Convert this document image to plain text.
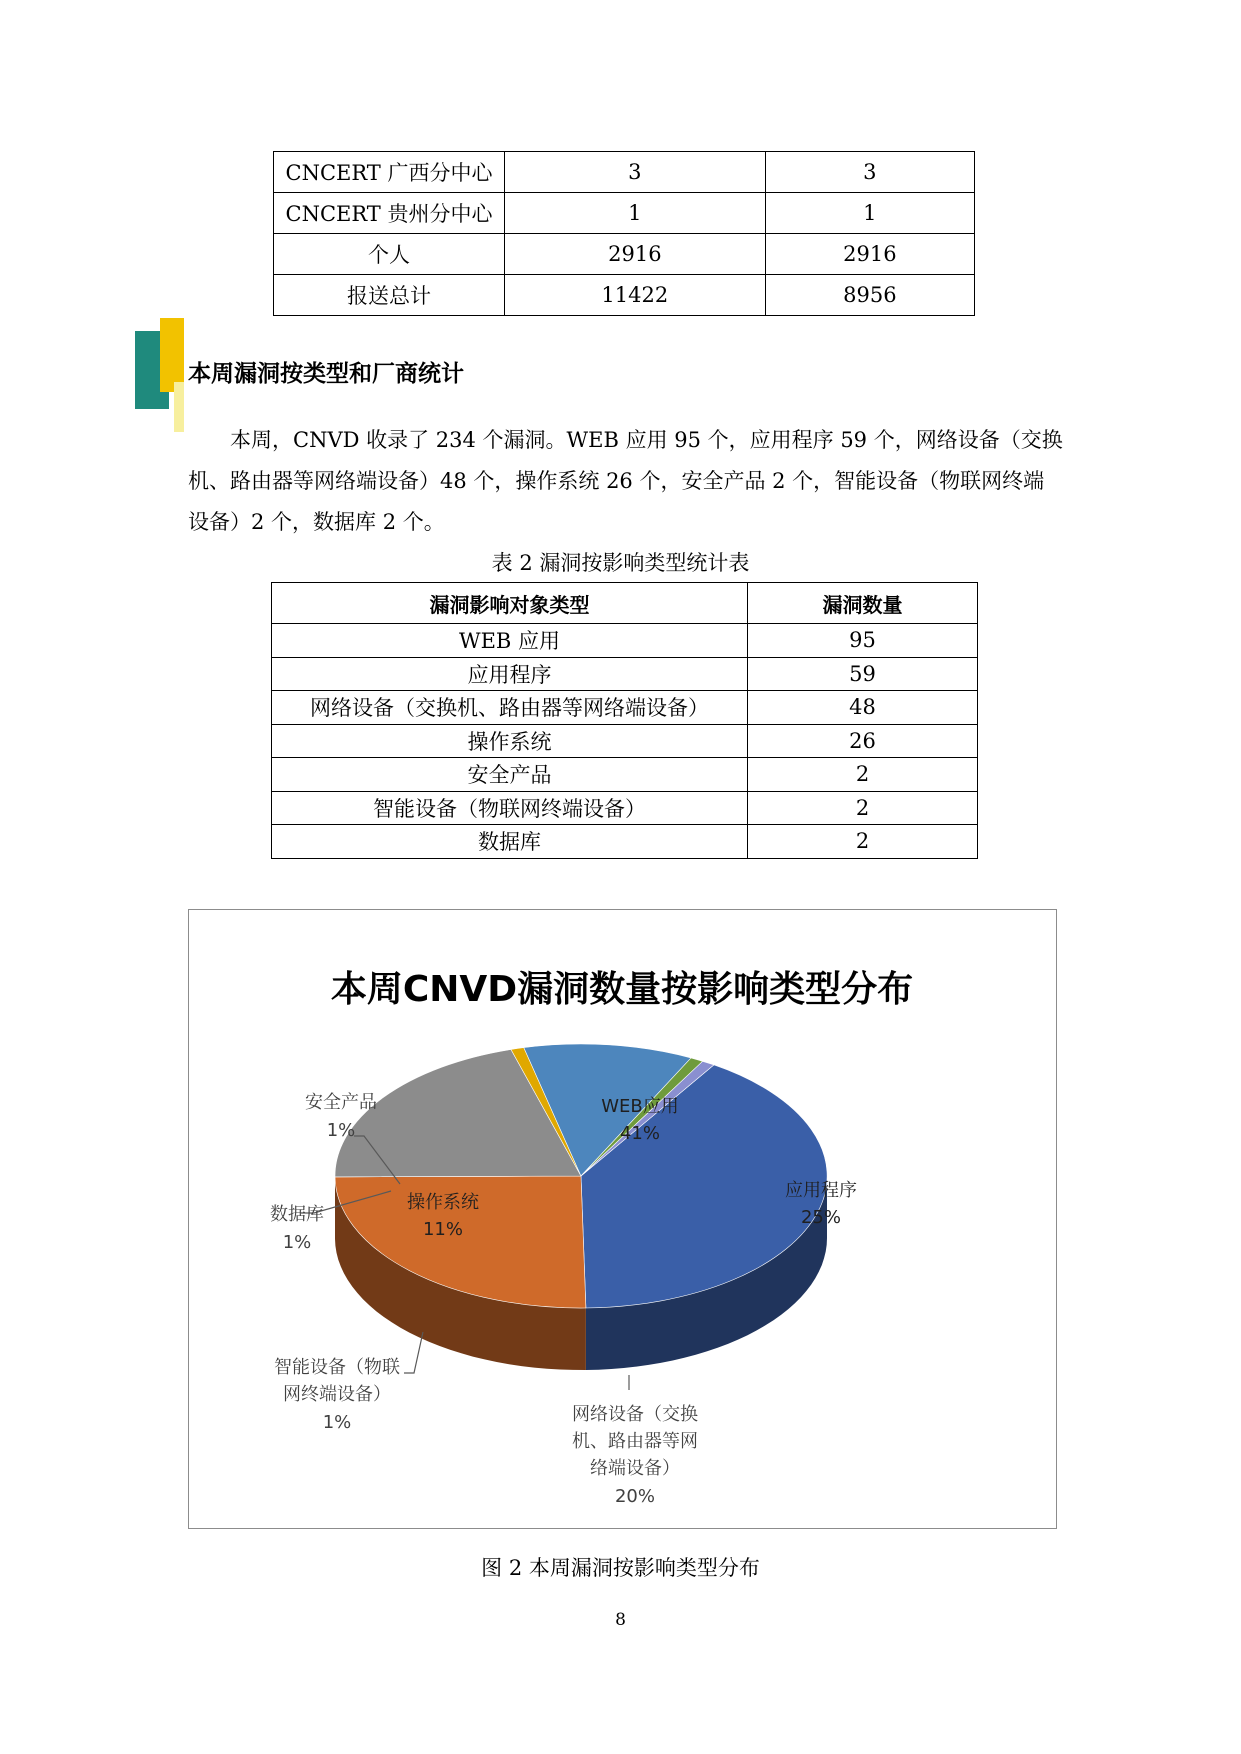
CNCERT 广西分中心	3	3
CNCERT 贵州分中心	1	1
个人	2916	2916
报送总计	11422	8956
本周漏洞按类型和厂商统计

本周，CNVD 收录了 234 个漏洞。WEB 应用 95 个，应用程序 59 个，网络设备（交换机、路由器等网络端设备）48 个，操作系统 26 个，安全产品 2 个，智能设备（物联网终端设备）2 个，数据库 2 个。

表 2 漏洞按影响类型统计表
漏洞影响对象类型	漏洞数量
WEB 应用	95
应用程序	59
网络设备（交换机、路由器等网络端设备）	48
操作系统	26
安全产品	2
智能设备（物联网终端设备）	2
数据库	2
本周CNVD漏洞数量按影响类型分布
WEB应用
41%
应用程序
25%
操作系统
11%
安全产品
1%
数据库
1%
智能设备（物联
网终端设备）
1%	网络设备（交换
机、路由器等网
络端设备）
20%
图 2 本周漏洞按影响类型分布
8
